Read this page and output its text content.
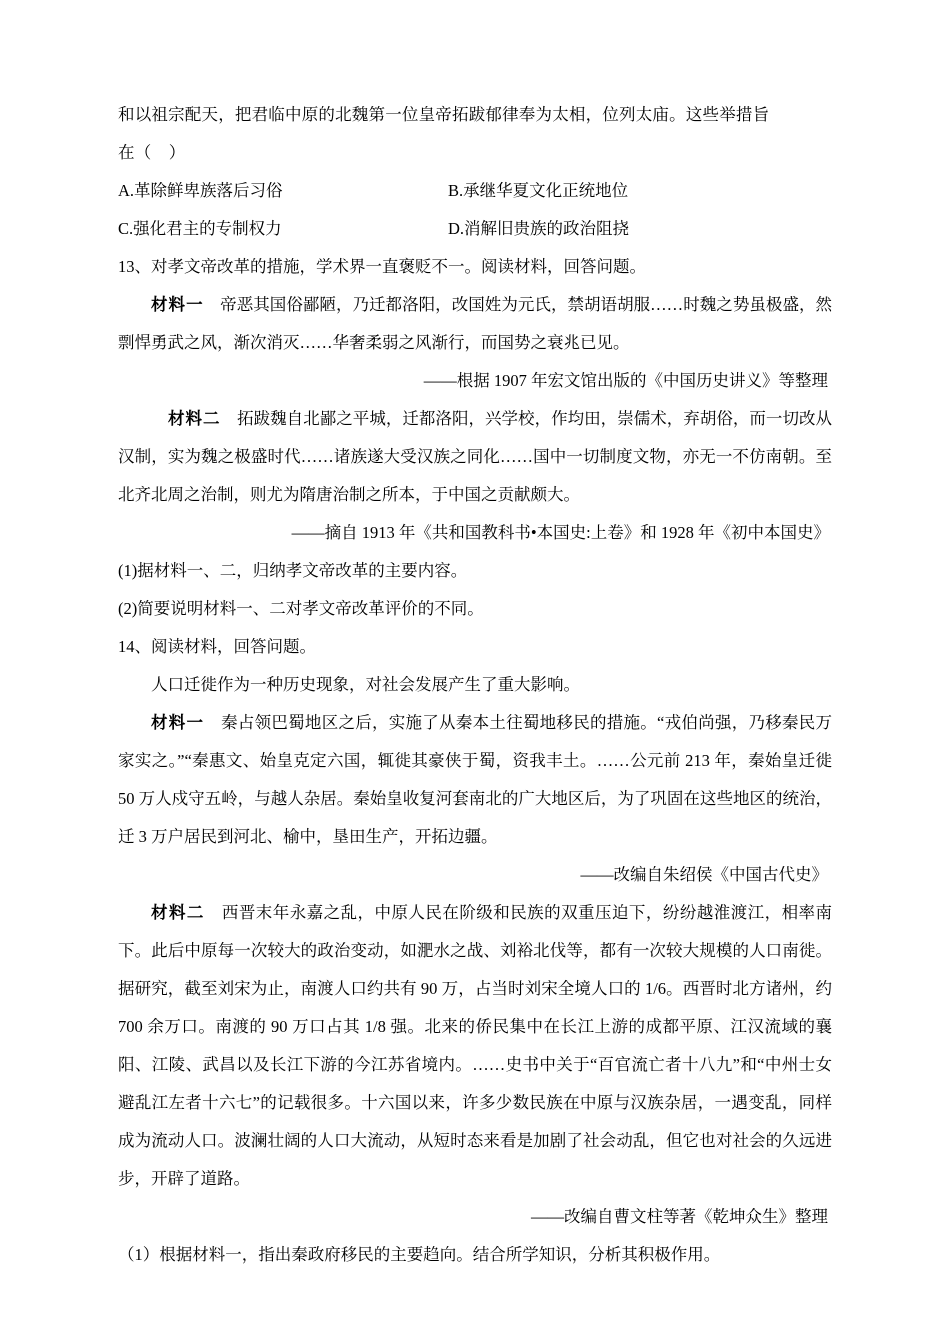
和以祖宗配天，把君临中原的北魏第一位皇帝拓跋郁律奉为太相，位列太庙。这些举措旨
在（    ）
A.革除鲜卑族落后习俗	B.承继华夏文化正统地位
C.强化君主的专制权力	D.消解旧贵族的政治阻挠
13、对孝文帝改革的措施，学术界一直褒贬不一。阅读材料，回答问题。
材料一　 帝恶其国俗鄙陋，乃迁都洛阳，改国姓为元氏，禁胡语胡服……时魏之势虽极盛，然剽悍勇武之风，渐次消灭……华奢柔弱之风渐行，而国势之衰兆已见。
——根据 1907 年宏文馆出版的《中国历史讲义》等整理
材料二　 拓跋魏自北鄙之平城，迁都洛阳，兴学校，作均田，崇儒术，弃胡俗，而一切改从汉制，实为魏之极盛时代……诸族遂大受汉族之同化……国中一切制度文物，亦无一不仿南朝。至北齐北周之治制，则尤为隋唐治制之所本，于中国之贡献颇大。
——摘自 1913 年《共和国教科书•本国史:上卷》和 1928 年《初中本国史》
(1)据材料一、二，归纳孝文帝改革的主要内容。
(2)简要说明材料一、二对孝文帝改革评价的不同。
14、阅读材料，回答问题。
人口迁徙作为一种历史现象，对社会发展产生了重大影响。
材料一　 秦占领巴蜀地区之后，实施了从秦本土往蜀地移民的措施。“戎伯尚强，乃移秦民万家实之。”“秦惠文、始皇克定六国，辄徙其豪侠于蜀，资我丰土。……公元前 213 年，秦始皇迁徙 50 万人戍守五岭，与越人杂居。秦始皇收复河套南北的广大地区后，为了巩固在这些地区的统治，迁 3 万户居民到河北、榆中，垦田生产，开拓边疆。
——改编自朱绍侯《中国古代史》
材料二　 西晋末年永嘉之乱，中原人民在阶级和民族的双重压迫下，纷纷越淮渡江，相率南下。此后中原每一次较大的政治变动，如淝水之战、刘裕北伐等，都有一次较大规模的人口南徙。据研究，截至刘宋为止，南渡人口约共有 90 万，占当时刘宋全境人口的 1/6。西晋时北方诸州，约 700 余万口。南渡的 90 万口占其 1/8 强。北来的侨民集中在长江上游的成都平原、江汉流域的襄阳、江陵、武昌以及长江下游的今江苏省境内。……史书中关于“百官流亡者十八九”和“中州士女避乱江左者十六七”的记载很多。十六国以来，许多少数民族在中原与汉族杂居，一遇变乱，同样成为流动人口。波澜壮阔的人口大流动，从短时态来看是加剧了社会动乱，但它也对社会的久远进步，开辟了道路。
——改编自曹文柱等著《乾坤众生》整理
（1）根据材料一，指出秦政府移民的主要趋向。结合所学知识，分析其积极作用。
